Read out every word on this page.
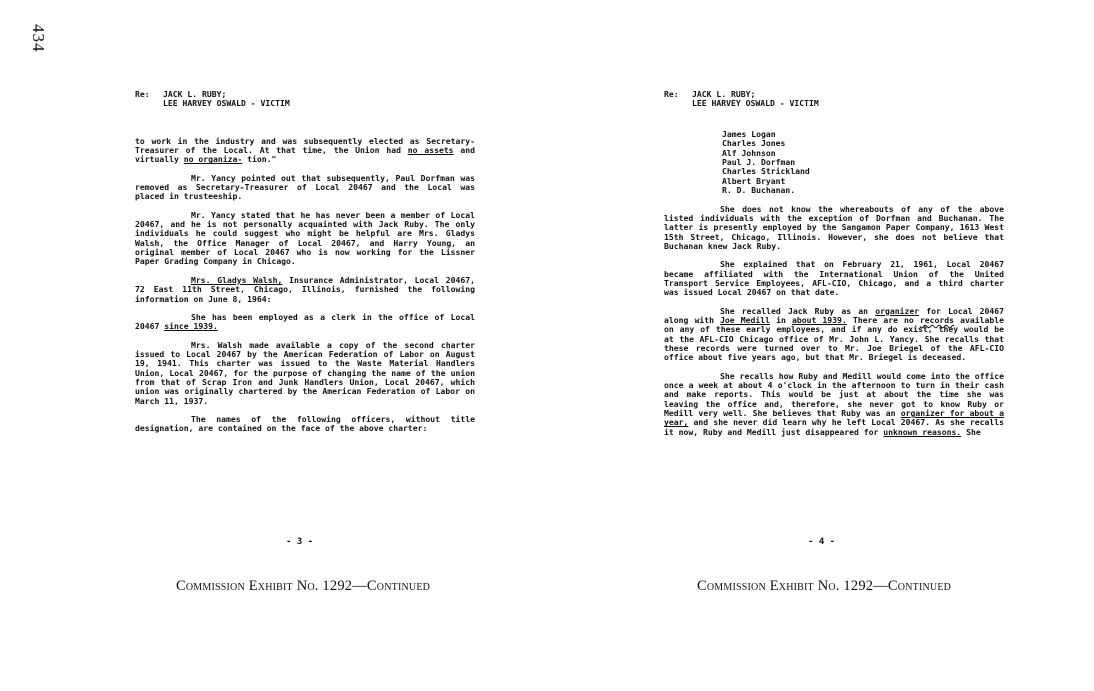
434
Re:	JACK L. RUBY;
LEE HARVEY OSWALD - VICTIM

to work in the industry and was subsequently elected as Secretary-Treasurer of the Local. At that time, the Union had no assets and virtually no organiza- tion."

Mr. Yancy pointed out that subsequently, Paul Dorfman was removed as Secretary-Treasurer of Local 20467 and the Local was placed in trusteeship.

Mr. Yancy stated that he has never been a member of Local 20467, and he is not personally acquainted with Jack Ruby. The only individuals he could suggest who might be helpful are Mrs. Gladys Walsh, the Office Manager of Local 20467, and Harry Young, an original member of Local 20467 who is now working for the Lissner Paper Grading Company in Chicago.

Mrs. Gladys Walsh, Insurance Administrator, Local 20467, 72 East 11th Street, Chicago, Illinois, furnished the following information on June 8, 1964:

She has been employed as a clerk in the office of Local 20467 since 1939.

Mrs. Walsh made available a copy of the second charter issued to Local 20467 by the American Federation of Labor on August 19, 1941. This charter was issued to the Waste Material Handlers Union, Local 20467, for the purpose of changing the name of the union from that of Scrap Iron and Junk Handlers Union, Local 20467, which union was originally chartered by the American Federation of Labor on March 11, 1937.

The names of the following officers, without title designation, are contained on the face of the above charter:

- 3 -
Commission Exhibit No. 1292—Continued
Re:	JACK L. RUBY;
LEE HARVEY OSWALD - VICTIM
James Logan
Charles Jones
Alf Johnson
Paul J. Dorfman
Charles Strickland
Albert Bryant
R. D. Buchanan.

She does not know the whereabouts of any of the above listed individuals with the exception of Dorfman and Buchanan. The latter is presently employed by the Sangamon Paper Company, 1613 West 15th Street, Chicago, Illinois. However, she does not believe that Buchanan knew Jack Ruby.

She explained that on February 21, 1961, Local 20467 became affiliated with the International Union of the United Transport Service Employees, AFL-CIO, Chicago, and a third charter was issued Local 20467 on that date.

She recalled Jack Ruby as an organizer for Local 20467 along with Joe Medill in about 1939. There are no records available on any of these early employees, and if any do exist, they would be at the AFL-CIO Chicago office of Mr. John L. Yancy. She recalls that these records were turned over to Mr. Joe Briegel of the AFL-CIO office about five years ago, but that Mr. Briegel is deceased.

She recalls how Ruby and Medill would come into the office once a week at about 4 o'clock in the afternoon to turn in their cash and make reports. This would be just at about the time she was leaving the office and, therefore, she never got to know Ruby or Medill very well. She believes that Ruby was an organizer for about a year, and she never did learn why he left Local 20467. As she recalls it now, Ruby and Medill just disappeared for unknown reasons. She

- 4 -
Commission Exhibit No. 1292—Continued
